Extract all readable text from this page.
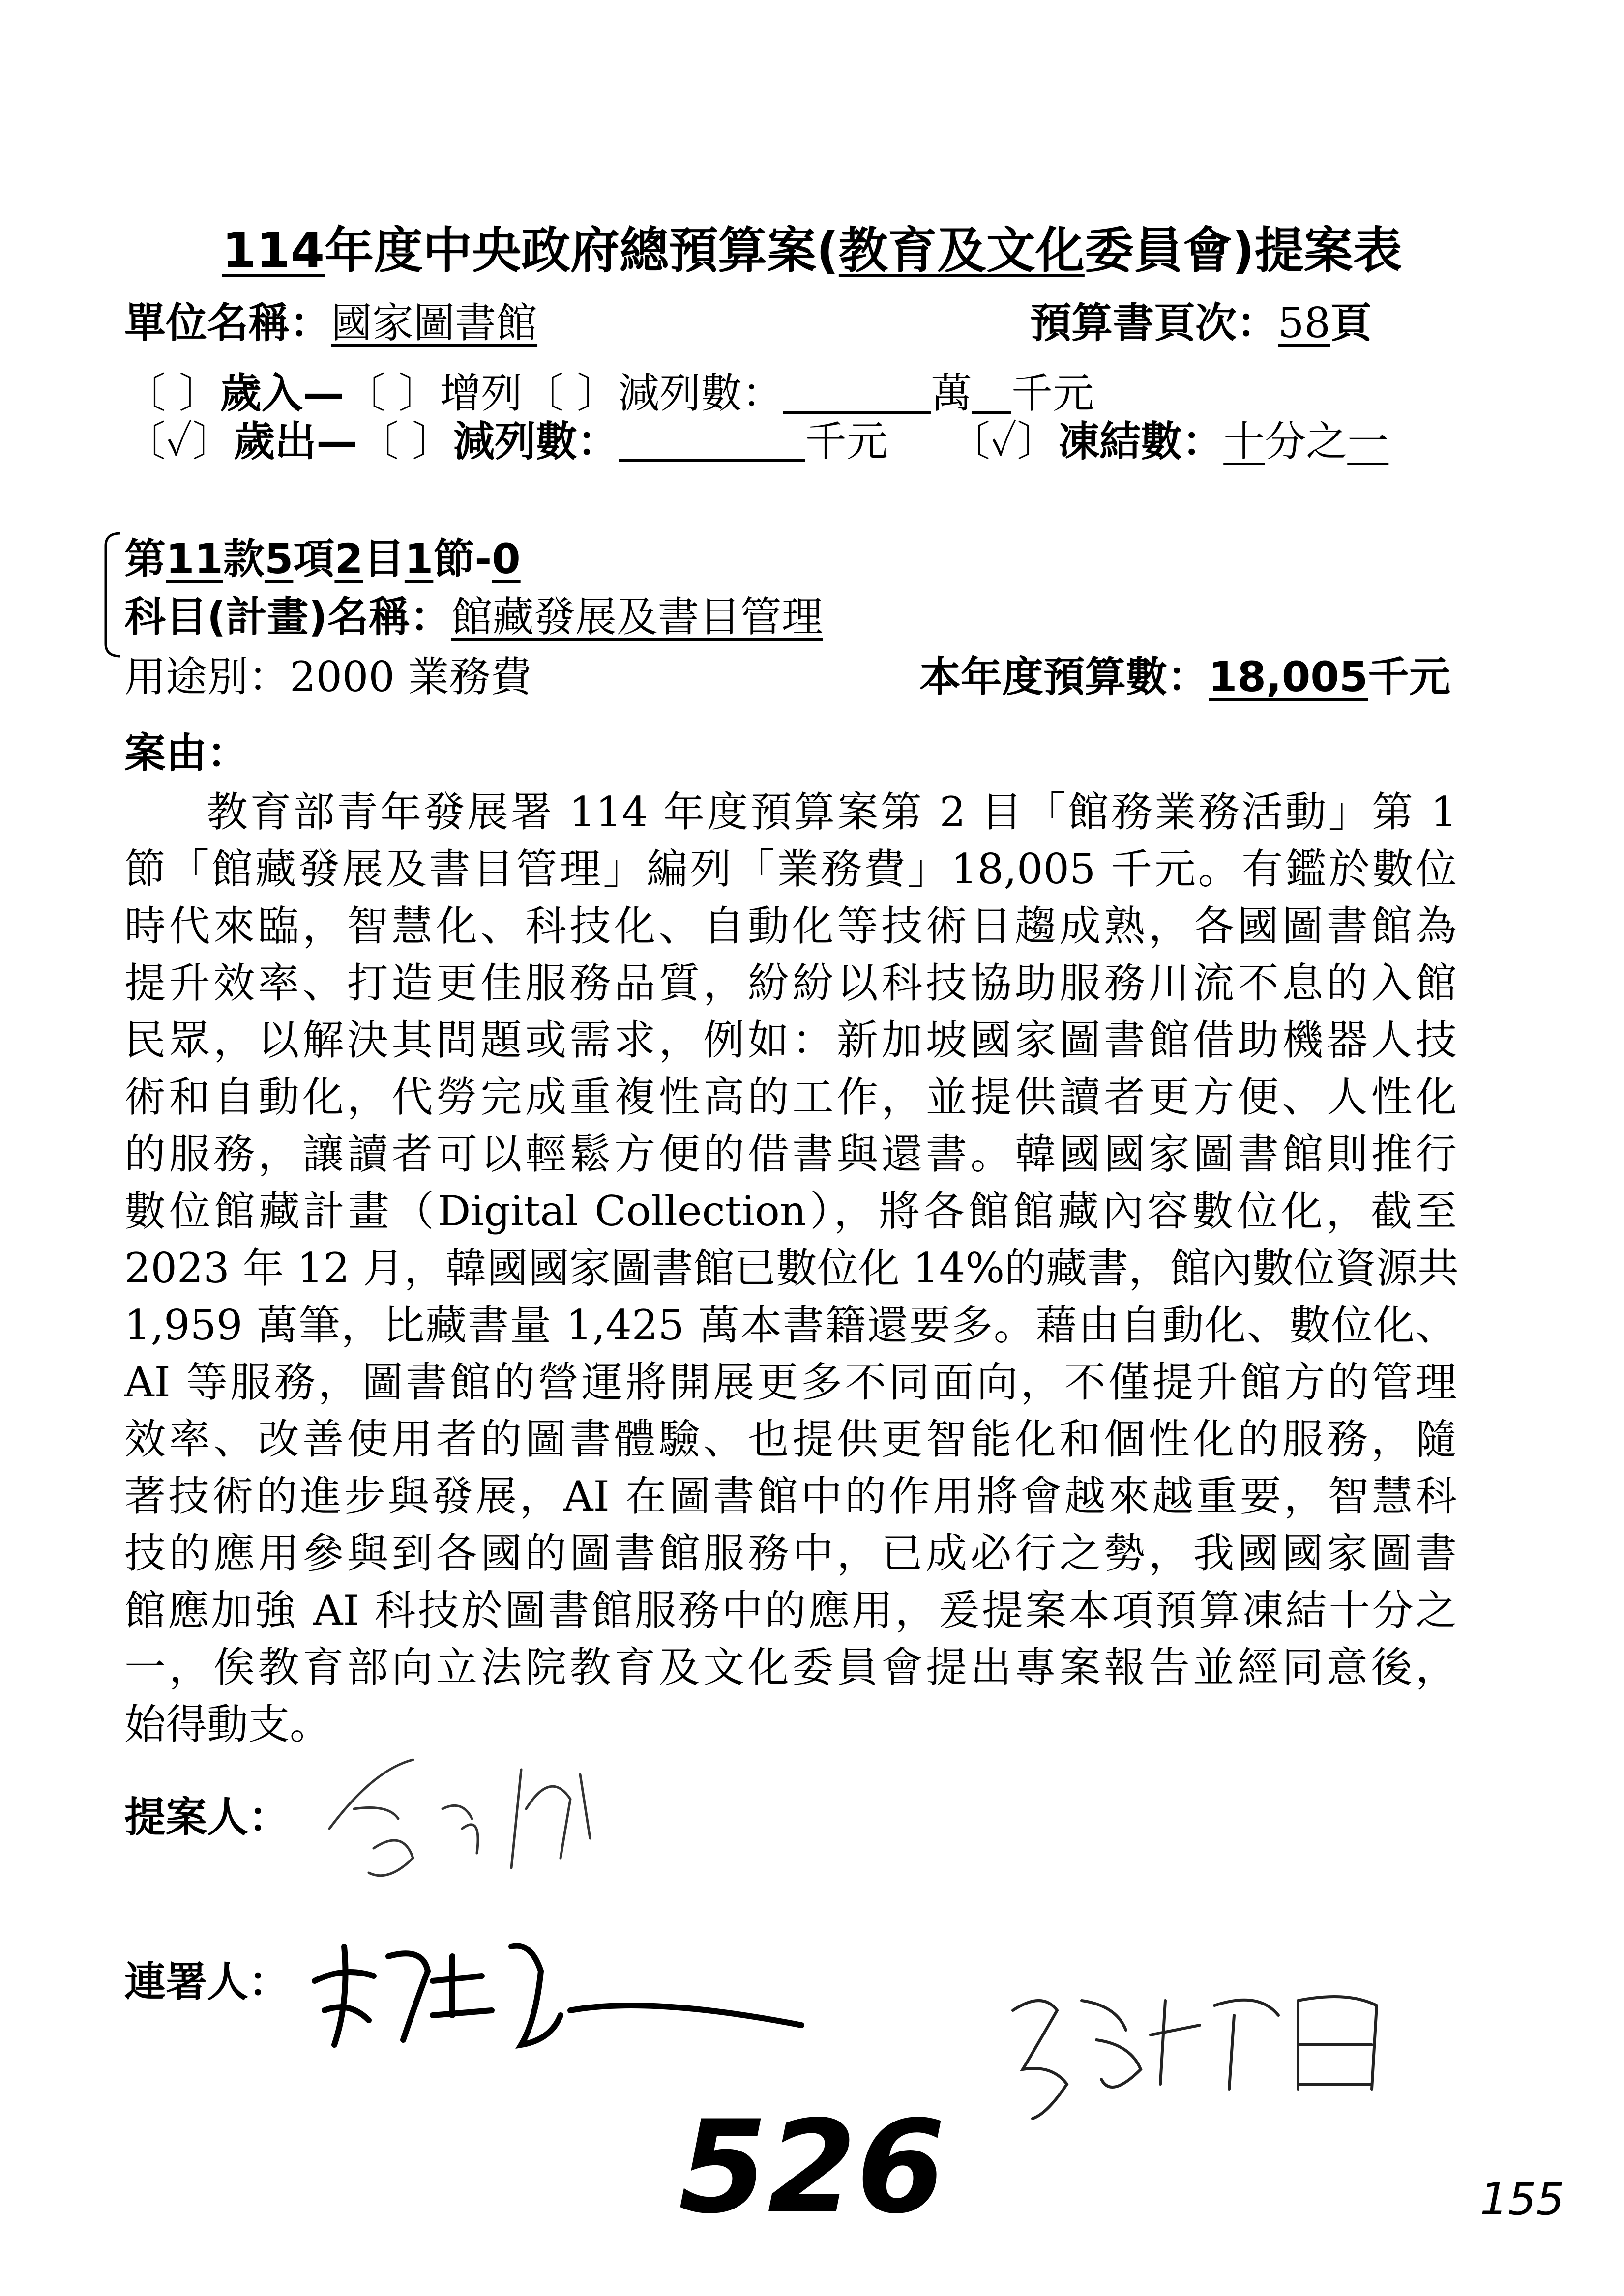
114年度中央政府總預算案(教育及文化委員會)提案表
單位名稱：國家圖書館	預算書頁次：58頁
〔 〕歲入—〔 〕增列〔 〕減列數：	萬 千元
〔✓〕歲出—〔 〕減列數：	千元 〔✓〕凍結數：十分之一
第11款5項2目1節-0
科目(計畫)名稱：館藏發展及書目管理
用途別：2000 業務費	本年度預算數：18,005千元
案由：
教育部青年發展署 114 年度預算案第 2 目「館務業務活動」第 1
節「館藏發展及書目管理」編列「業務費」18,005 千元。有鑑於數位
時代來臨，智慧化、科技化、自動化等技術日趨成熟，各國圖書館為
提升效率、打造更佳服務品質，紛紛以科技協助服務川流不息的入館
民眾，以解決其問題或需求，例如：新加坡國家圖書館借助機器人技
術和自動化，代勞完成重複性高的工作，並提供讀者更方便、人性化
的服務，讓讀者可以輕鬆方便的借書與還書。韓國國家圖書館則推行
數位館藏計畫（Digital Collection），將各館館藏內容數位化，截至
2023 年 12 月，韓國國家圖書館已數位化 14%的藏書，館內數位資源共
1,959 萬筆，比藏書量 1,425 萬本書籍還要多。藉由自動化、數位化、
AI 等服務，圖書館的營運將開展更多不同面向，不僅提升館方的管理
效率、改善使用者的圖書體驗、也提供更智能化和個性化的服務，隨
著技術的進步與發展，AI 在圖書館中的作用將會越來越重要，智慧科
技的應用參與到各國的圖書館服務中，已成必行之勢，我國國家圖書
館應加強 AI 科技於圖書館服務中的應用，爰提案本項預算凍結十分之
一，俟教育部向立法院教育及文化委員會提出專案報告並經同意後，
始得動支。
提案人：
連署人：
526	155
